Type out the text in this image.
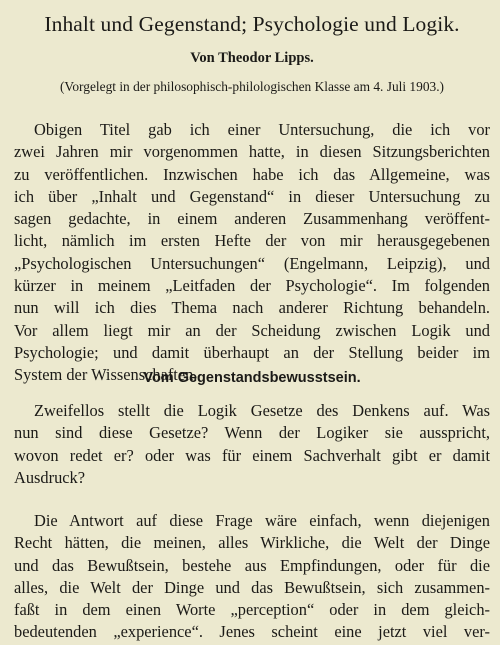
Inhalt und Gegenstand; Psychologie und Logik.
Von Theodor Lipps.
(Vorgelegt in der philosophisch-philologischen Klasse am 4. Juli 1903.)
Obigen Titel gab ich einer Untersuchung, die ich vor
zwei Jahren mir vorgenommen hatte, in diesen Sitzungsberichten
zu veröffentlichen. Inzwischen habe ich das Allgemeine, was
ich über „Inhalt und Gegenstand“ in dieser Untersuchung zu
sagen gedachte, in einem anderen Zusammenhang veröffent-
licht, nämlich im ersten Hefte der von mir herausgegebenen
„Psychologischen Untersuchungen“ (Engelmann, Leipzig), und
kürzer in meinem „Leitfaden der Psychologie“. Im folgenden
nun will ich dies Thema nach anderer Richtung behandeln.
Vor allem liegt mir an der Scheidung zwischen Logik und
Psychologie; und damit überhaupt an der Stellung beider im
System der Wissenschaften.
Vom Gegenstandsbewusstsein.
Zweifellos stellt die Logik Gesetze des Denkens auf. Was
nun sind diese Gesetze? Wenn der Logiker sie ausspricht,
wovon redet er? oder was für einem Sachverhalt gibt er damit
Ausdruck?
Die Antwort auf diese Frage wäre einfach, wenn diejenigen
Recht hätten, die meinen, alles Wirkliche, die Welt der Dinge
und das Bewußtsein, bestehe aus Empfindungen, oder für die
alles, die Welt der Dinge und das Bewußtsein, sich zusammen-
faßt in dem einen Worte „perception“ oder in dem gleich-
bedeutenden „experience“. Jenes scheint eine jetzt viel ver-
